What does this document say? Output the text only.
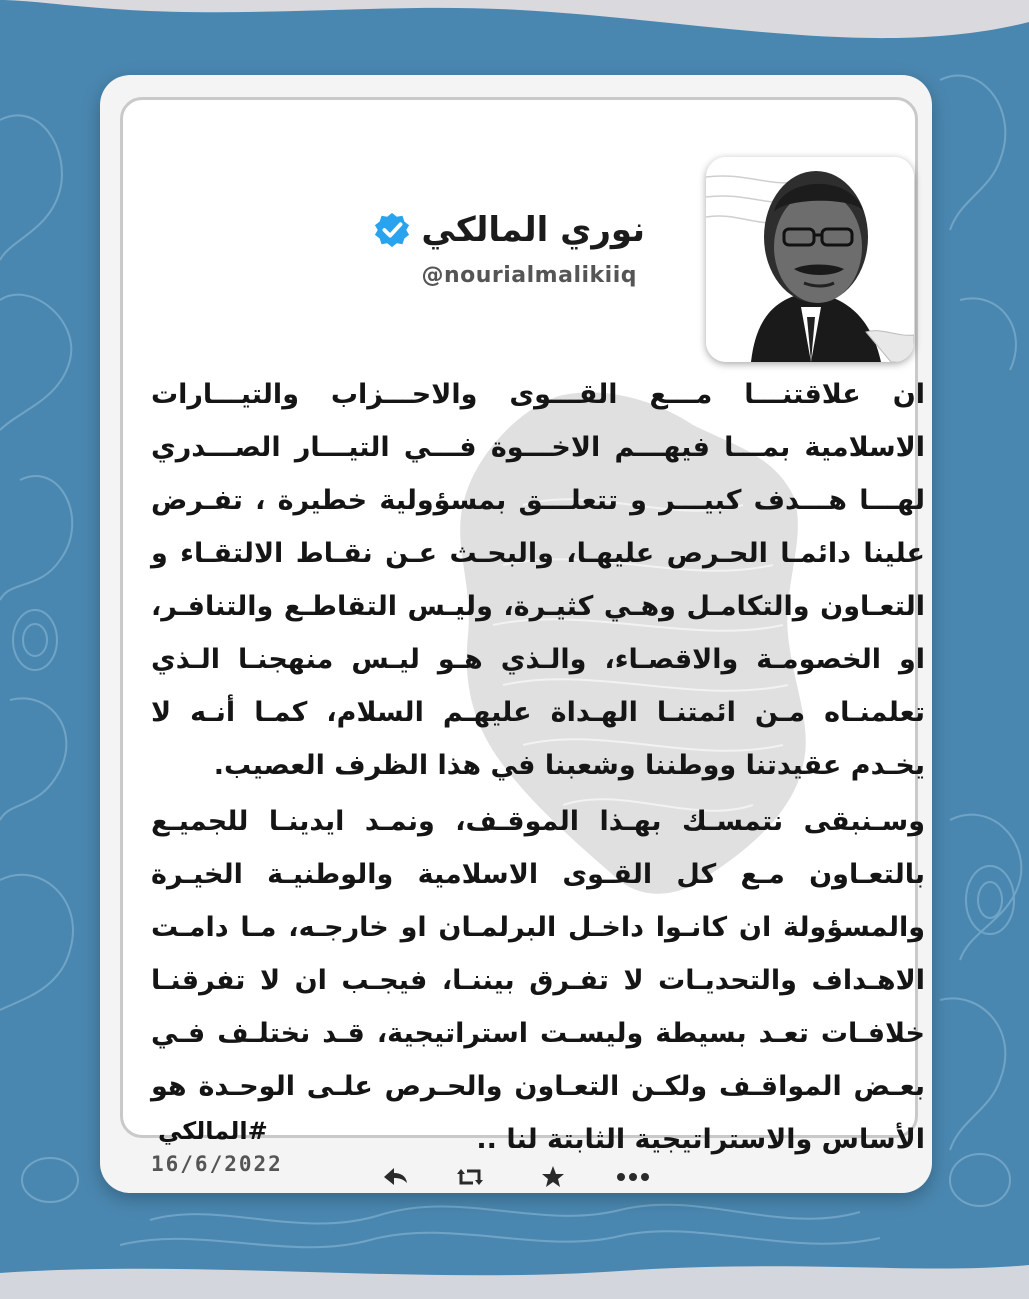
نوري المالكي
@nourialmalikiiq

ان علاقتنـــا مـــع القـــوى والاحـــزاب والتيـــارات الاسلامية بمـــا فيهـــم الاخـــوة فـــي التيـــار الصـــدري لهـــا هـــدف كبيـــر و تتعلـــق بمسؤولية خطيرة ، تفـرض علينا دائمـا الحـرص عليهـا، والبحـث عـن نقـاط الالتقـاء و التعـاون والتكامـل وهـي كثيـرة، وليـس التقاطـع والتنافـر، او الخصومـة والاقصـاء، والـذي هـو ليـس منهجنـا الـذي تعلمنـاه مـن ائمتنـا الهـداة عليهـم السلام، كمـا أنـه لا يخـدم عقيدتنا ووطننا وشعبنا في هذا الظرف العصيب.

وسـنبقى نتمسـك بهـذا الموقـف، ونمـد ايدينـا للجميـع بالتعـاون مـع كل القـوى الاسلامية والوطنيـة الخيـرة والمسؤولة ان كانـوا داخـل البرلمـان او خارجـه، مـا دامـت الاهـداف والتحديـات لا تفـرق بيننـا، فيجـب ان لا تفرقنـا خلافـات تعـد بسيطة وليسـت استراتيجية، قـد نختلـف فـي بعـض المواقـف ولكـن التعـاون والحـرص علـى الوحـدة هو الأساس والاستراتيجية الثابتة لنا ..

#المالكي
16/6/2022
